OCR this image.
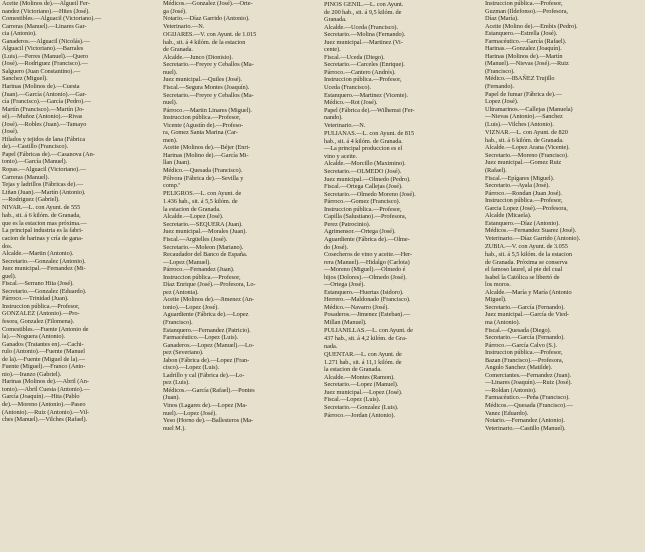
Aceite (Molinos de).—Algueil Fer-
nandez (Victoriano).—Hites (José).
Comestibles.—Alguacil (Victoriano).—
Carreras (Manuel).—Linares Gar-
cia (Antonio).
Ganaderos.—Alguacil (Nicolás).—
Alguacil (Victoriano).—Barrales
(Luis).—Ferres (Manuel).—Quero
(José).—Rodriguez (Francisco).—
Salguero (Juan Constantino).—
Sanchez (Miguel).
Harinas (Molinos de).—Cuesta
(Juan).—García (Antonio).—Gar-
cía (Francisco).—García (Pedro).—
Martín (Francisco).—Martín (Jo-
sé).—Muñoz (Antonio).—Rivas
(José).—Robles (Juan).—Tamayo
(José).
Hilados y tejidos de lana (Fábrica
de).—Castillo (Francisco).
Papel (Fábricas de).—Casanova (An-
tonio).—García (Manuel).
Ropas.—Alguacil (Victoriano).—
Carreras (Manuel).
Tejas y ladrillos (Fábricas de).—
Liñan (Juan).—Martín (Antonio).
—Rodriguez (Gabriel).
NIVAR.—L. con Ayunt. de 555
hab., sit. á 6 kilóm. de Granada,
que es la estacion mas próxima.—
La principal industria es la fabri-
cacion de harinas y cría de gana-
dos.
Alcalde.—Martin (Antonio).
Secretario.—Gonzalez (Antonio).
Juez municipal.—Fernandez (Mi-
guel).
Fiscal.—Serrano Hita (José).
Secretario.—Gonzalez (Eduardo).
Párroco.—Trinidad (Juan).
Instruccion pública.—Profesor,
GONZALEZ (Antonio).—Pro-
fesora, Gonzalez (Filomena).
Comestibles.—Fuente (Antonio de
la).—Noguera (Antonio).
Ganados (Tratantes en).—Cachi-
rulo (Antonio).—Fuente (Manuel
de la).—Fuente (Miguel de la).—
Fuente (Miguel).—Franco (Anto-
nio).—Iranzo (Gabriel).
Harinas (Molinos de).—Abril (An-
tonio).—Abril Cuesta (Antonio).—
García (Joaquín).—Hita (Pablo
de).—Moreno (Antonio).—Paseo
(Antonio).—Ruiz (Antonio).—Vil-
ches (Manuel).—Vilches (Rafael).
Médicos.—Gonzalez (José).—Orte-
ga (José).
Notario.—Díaz Garrido (Antonio).
Veterinario.—N.
OGIJARES.—V. con Ayunt. de 1.015
hab., sit. á 4 kilóm. de la estacion
de Granada.
Alcalde.—Junco (Dionisio).
Secretario.—Freyre y Ceballos (Ma-
nuel).
Juez municipal.—Quiles (José).
Fiscal.—Segura Montes (Joaquín).
Secretario.—Freyre y Ceballos (Ma-
nuel).
Párroco.—Martin Linares (Miguel).
Instruccion pública.—Profesor,
Vicente (Agustín de).—Profeso-
ra, Gomez Santa Marina (Car-
men).
Aceite (Molinos de).—Béjer (Enri-
Harinas (Molino de).—García Mi-
llan (Juan).
Médico.—Quesada (Francisco).
Pólvora (Fábrica de).—Sevilla y
comp.ª
PELIGROS.—L. con Ayunt. de
1.436 hab., sit. á 5,5 kilóm. de
la estacion de Granada.
Alcalde.—Lopez (José).
Secretario.—SEQUERA (Juan).
Juez municipal.—Morales (Juan).
Fiscal.—Argüelles (José).
Secretario.—Moleon (Mariano).
Recaudador del Banco de España.
—Lopez (Manuel).
Párroco.—Fernandez (Juan).
Instruccion pública.—Profesor,
Díaz Enrique (José).—Profesora, Lo-
pez (Antonia).
Aceite (Molinos de).—Jimenez (An-
tonio).—Lopez (José).
Aguardiente (Fábrica de).—Lopez
(Francisco).
Estanquero.—Fernandez (Patricio).
Farmacéutico.—Lopez (Luis).
Ganaderos.—Lopez (Manuel).—Lo-
pez (Severiano).
Jabon (Fábrica de).—Lopez (Fran-
cisco).—Lopez (Luis).
Ladrillo y cal (Fábrica de).—Lo-
pez (Luis).
Médicos.—García (Rafael).—Pontes
(Juan).
Vinos (Lagares de).—Lopez (Ma-
nuel).—Lopez (José).
Yeso (Horno de).—Ballesteros (Ma-
nuel M.).
PINOS GENIL.—L. con Ayunt.
de 200 hab., sit. á 9,5 kilóm. de
Granada.
Alcalde.—Uceda (Francisco).
Secretario.—Molina (Fernando).
Juez municipal.—Martinez (Vi-
cente).
Fiscal.—Uceda (Diego).
Secretario.—Carceles (Enrique).
Párroco.—Cantero (Andrés).
Instruccion pública.—Profesor,
Uceda (Francisco).
Estanquero.—Martinez (Vicente).
Médico.—Rot (José).
Papel (Fábrica de).—Wilhemsi (Fer-
nando).
Veterinario.—N.
PULIANAS.—L. con Ayunt. de 815
hab., sit. á 4 kilóm. de Granada.
—La principal produccion es el
vino y aceite.
Alcalde.—Morcillo (Maximino).
Secretario.—OLMEDO (José).
Juez municipal.—Olmedo (Pedro).
Fiscal.—Ortega Callejas (José).
Secretario.—Olmedo Moreno (José).
Párroco.—Gomez (Francisco).
Instruccion pública.—Profesor,
Capilla (Salustiano).—Profesora,
Perez (Patrocinio).
Agrimensor.—Ortega (José).
Aguardiente (Fábrica de).—Olme-
do (José).
Cosecheros de vino y aceite.—Her-
rera (Manuel).—Hidalgo (Carlota)
—Moreno (Miguel).—Olmedo é
hijos (Dolores).—Olmedo (José).
—Ortega (José).
Estanquero.—Huertas (Isidoro).
Herrero.—Maldonado (Francisco).
Médico.—Navarro (José).
Posaderos.—Jimenez (Esteban).—
Millan (Manuel).
PULIANILLAS.—L. con Ayunt. de
437 hab., sit. á 4,2 kilóm. de Gra-
nada.
QUENTAR.—L. con Ayunt. de
1.271 hab., sit. á 11,1 kilóm. de
la estacion de Granada.
Alcalde.—Montes (Ramon).
Secretario.—Lopez (Manuel).
Juez municipal.—Lopez (José).
Fiscal.—Lopez (Luis).
Secretario.—Gonzalez (Luis).
Párroco.—Jordan (Antonio).
Instruccion pública.—Profesor,
Guzman (Ildefonso).—Profesora,
Díaz (María).
Aceite (Molino de).—Embis (Pedro).
Estanquero.—Estrella (José).
Farmacéutico.—García (Rafael).
Harinas.—Gonzalez (Joaquín).
Harinas (Molinos de).—Martín
(Manuel).—Nievas (José).—Ruiz
(Francisco).
Médico.—IBAÑEZ Trujillo
(Fernando).
Papel de fumar (Fábrica de).—
Lopez (José).
Ultramarinos.—Callejas (Manuela)
—Nievas (Antonio).—Sanchez
(Luis).—Vilches (Antonio).
VIZNAR.—L. con Ayunt. de 820
hab., sit. á 6 kilóm. de Granada.
Alcalde.—Lopez Arana (Vicente).
Secretario.—Moreno (Francisco).
Juez municipal.—Gomez Ruiz
(Rafael).
Fiscal.—Epígares (Miguel).
Secretario.—Ayala (José).
Párroco.—Rondan (Juan José).
Instruccion pública.—Profesor,
Garcia Lopez (José).—Profesora,
Alcalde (Micaela).
Estanquero.—Díaz (Antonio).
Médicos.—Fernandez Suarez (José).
Veterinario.—Díaz Garrido (Antonio).
ZUBIA.—V. con Ayunt. de 3.055
hab., sit. á 5,5 kilóm. de la estacion
de Granada. Próxima se conserva
el famoso laurel, al pie del cual
Isabel la Católica se libertó de
los moros.
Alcalde.—María y María (Antonio
Miguel).
Secretario.—García (Fernando).
Juez municipal.—García de Vied-
ma (Antonio).
Fiscal.—Quesada (Diego).
Secretario.—García (Fernando).
Párroco.—García Calvo (S.).
Instruccion pública.—Profesor,
Bazan (Francisco).—Profesora,
Angulo Sanchez (Matilde).
Comerciantes.—Fernandez (Juan).
—Linares (Joaquín).—Ruiz (José).
—Roldan (Antonio).
Farmacéutico.—Peña (Francisco).
Médicos.—Quesada (Francisco).—
Vanez (Eduardo).
Notario.—Fernandez (Antonio).
Veterinario.—Castillo (Manuel).
